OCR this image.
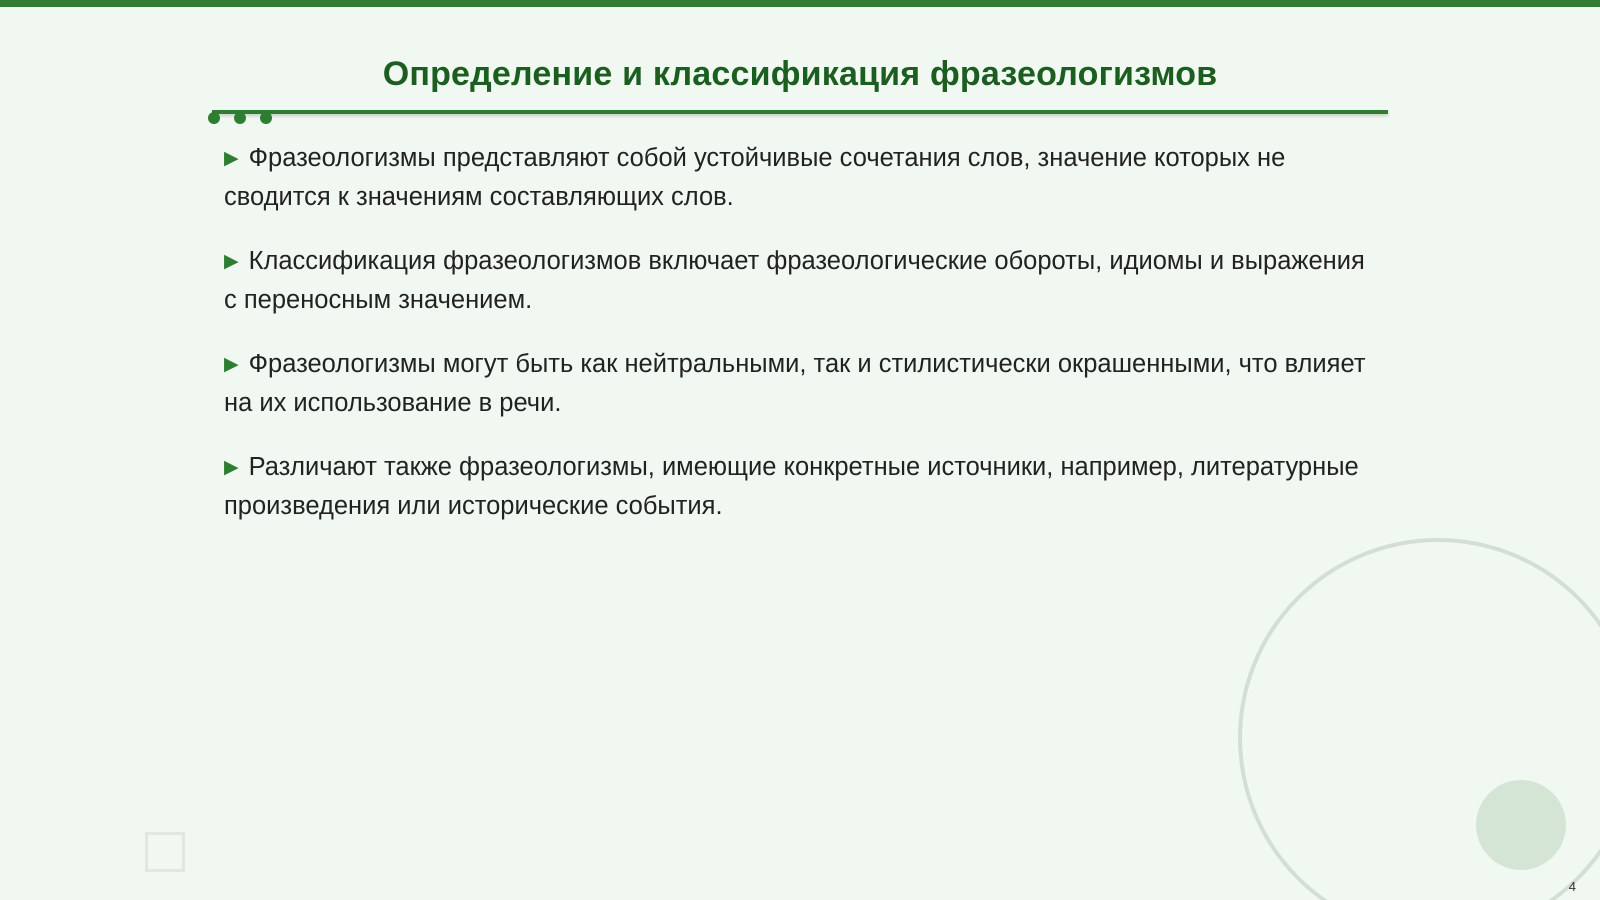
Определение и классификация фразеологизмов
▶ Фразеологизмы представляют собой устойчивые сочетания слов, значение которых не сводится к значениям составляющих слов.
▶ Классификация фразеологизмов включает фразеологические обороты, идиомы и выражения с переносным значением.
▶ Фразеологизмы могут быть как нейтральными, так и стилистически окрашенными, что влияет на их использование в речи.
▶ Различают также фразеологизмы, имеющие конкретные источники, например, литературные произведения или исторические события.
4
